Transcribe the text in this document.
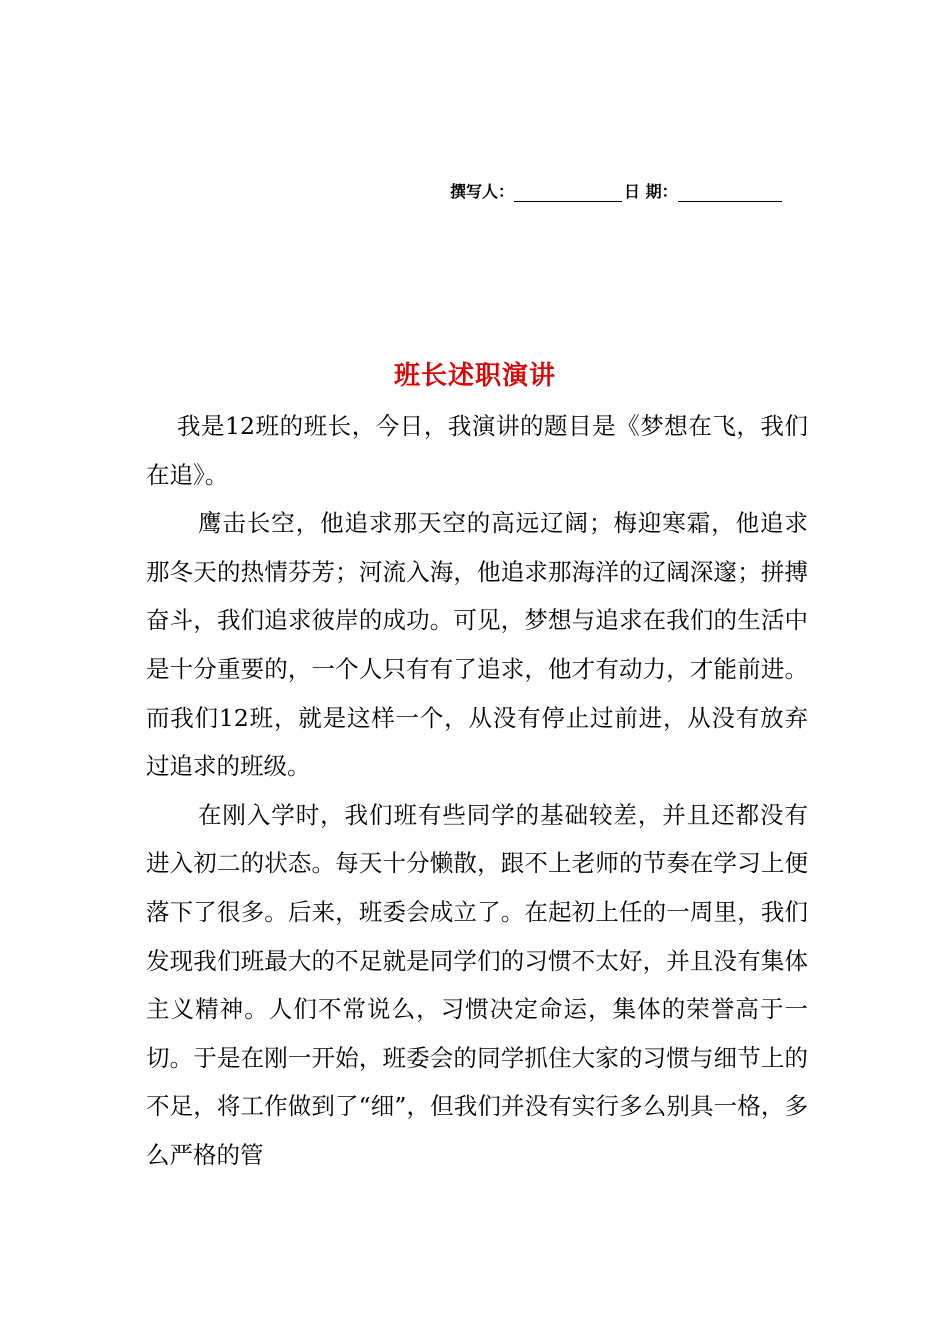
撰写人：	日 期：
班长述职演讲

我是12班的班长，今日，我演讲的题目是《梦想在飞，我们在追》。

鹰击长空，他追求那天空的高远辽阔；梅迎寒霜，他追求那冬天的热情芬芳；河流入海，他追求那海洋的辽阔深邃；拼搏奋斗，我们追求彼岸的成功。可见，梦想与追求在我们的生活中是十分重要的，一个人只有有了追求，他才有动力，才能前进。而我们12班，就是这样一个，从没有停止过前进，从没有放弃过追求的班级。

在刚入学时，我们班有些同学的基础较差，并且还都没有进入初二的状态。每天十分懒散，跟不上老师的节奏在学习上便落下了很多。后来，班委会成立了。在起初上任的一周里，我们发现我们班最大的不足就是同学们的习惯不太好，并且没有集体主义精神。人们不常说么，习惯决定命运，集体的荣誉高于一切。于是在刚一开始，班委会的同学抓住大家的习惯与细节上的不足，将工作做到了“细”，但我们并没有实行多么别具一格，多么严格的管
